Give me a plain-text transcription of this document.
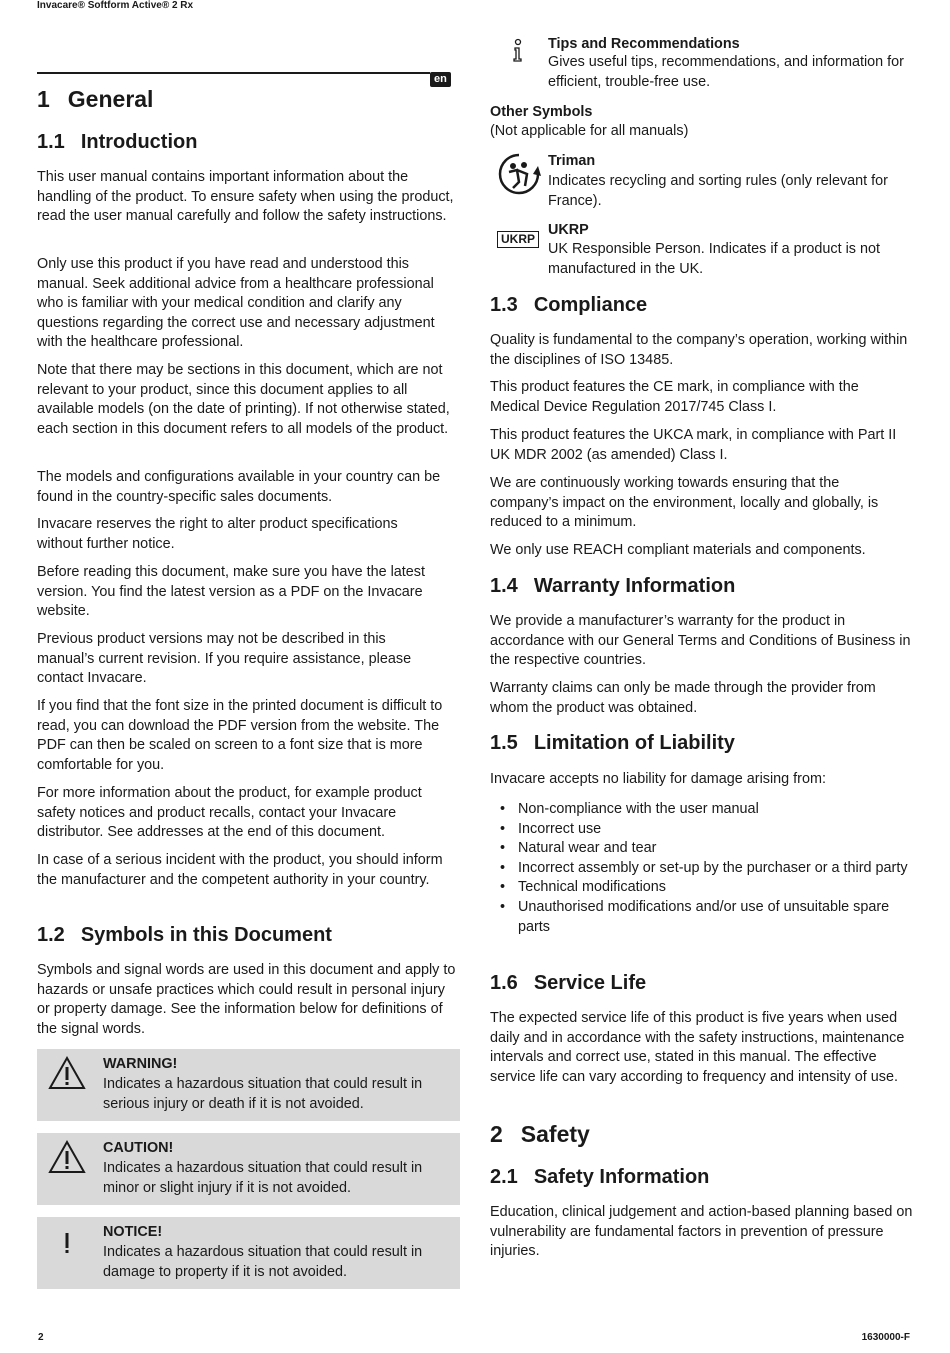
Invacare® Softform Active® 2 Rx
en
1 General
1.1 Introduction

This user manual contains important information about the handling of the product. To ensure safety when using the product, read the user manual carefully and follow the safety instructions.

Only use this product if you have read and understood this manual. Seek additional advice from a healthcare professional who is familiar with your medical condition and clarify any questions regarding the correct use and necessary adjustment with the healthcare professional.

Note that there may be sections in this document, which are not relevant to your product, since this document applies to all available models (on the date of printing). If not otherwise stated, each section in this document refers to all models of the product.

The models and configurations available in your country can be found in the country-specific sales documents.

Invacare reserves the right to alter product specifications without further notice.

Before reading this document, make sure you have the latest version. You find the latest version as a PDF on the Invacare website.

Previous product versions may not be described in this manual’s current revision. If you require assistance, please contact Invacare.

If you find that the font size in the printed document is difficult to read, you can download the PDF version from the website. The PDF can then be scaled on screen to a font size that is more comfortable for you.

For more information about the product, for example product safety notices and product recalls, contact your Invacare distributor. See addresses at the end of this document.

In case of a serious incident with the product, you should inform the manufacturer and the competent authority in your country.

1.2 Symbols in this Document

Symbols and signal words are used in this document and apply to hazards or unsafe practices which could result in personal injury or property damage. See the information below for definitions of the signal words.

WARNING!
Indicates a hazardous situation that could result in serious injury or death if it is not avoided.
CAUTION!
Indicates a hazardous situation that could result in minor or slight injury if it is not avoided.
NOTICE!
Indicates a hazardous situation that could result in damage to property if it is not avoided.
Tips and Recommendations
Gives useful tips, recommendations, and information for efficient, trouble-free use.
Other Symbols
(Not applicable for all manuals)
Triman
Indicates recycling and sorting rules (only relevant for France).
UKRP
UKRP
UK Responsible Person. Indicates if a product is not manufactured in the UK.
1.3 Compliance

Quality is fundamental to the company’s operation, working within the disciplines of ISO 13485.

This product features the CE mark, in compliance with the Medical Device Regulation 2017/745 Class I.

This product features the UKCA mark, in compliance with Part II UK MDR 2002 (as amended) Class I.

We are continuously working towards ensuring that the company’s impact on the environment, locally and globally, is reduced to a minimum.

We only use REACH compliant materials and components.

1.4 Warranty Information

We provide a manufacturer’s warranty for the product in accordance with our General Terms and Conditions of Business in the respective countries.

Warranty claims can only be made through the provider from whom the product was obtained.

1.5 Limitation of Liability

Invacare accepts no liability for damage arising from:

• Non-compliance with the user manual
• Incorrect use
• Natural wear and tear
• Incorrect assembly or set-up by the purchaser or a third party
• Technical modifications
• Unauthorised modifications and/or use of unsuitable spare parts
1.6 Service Life

The expected service life of this product is five years when used daily and in accordance with the safety instructions, maintenance intervals and correct use, stated in this manual. The effective service life can vary according to frequency and intensity of use.

2 Safety
2.1 Safety Information

Education, clinical judgement and action-based planning based on vulnerability are fundamental factors in prevention of pressure injuries.

2	1630000-F
